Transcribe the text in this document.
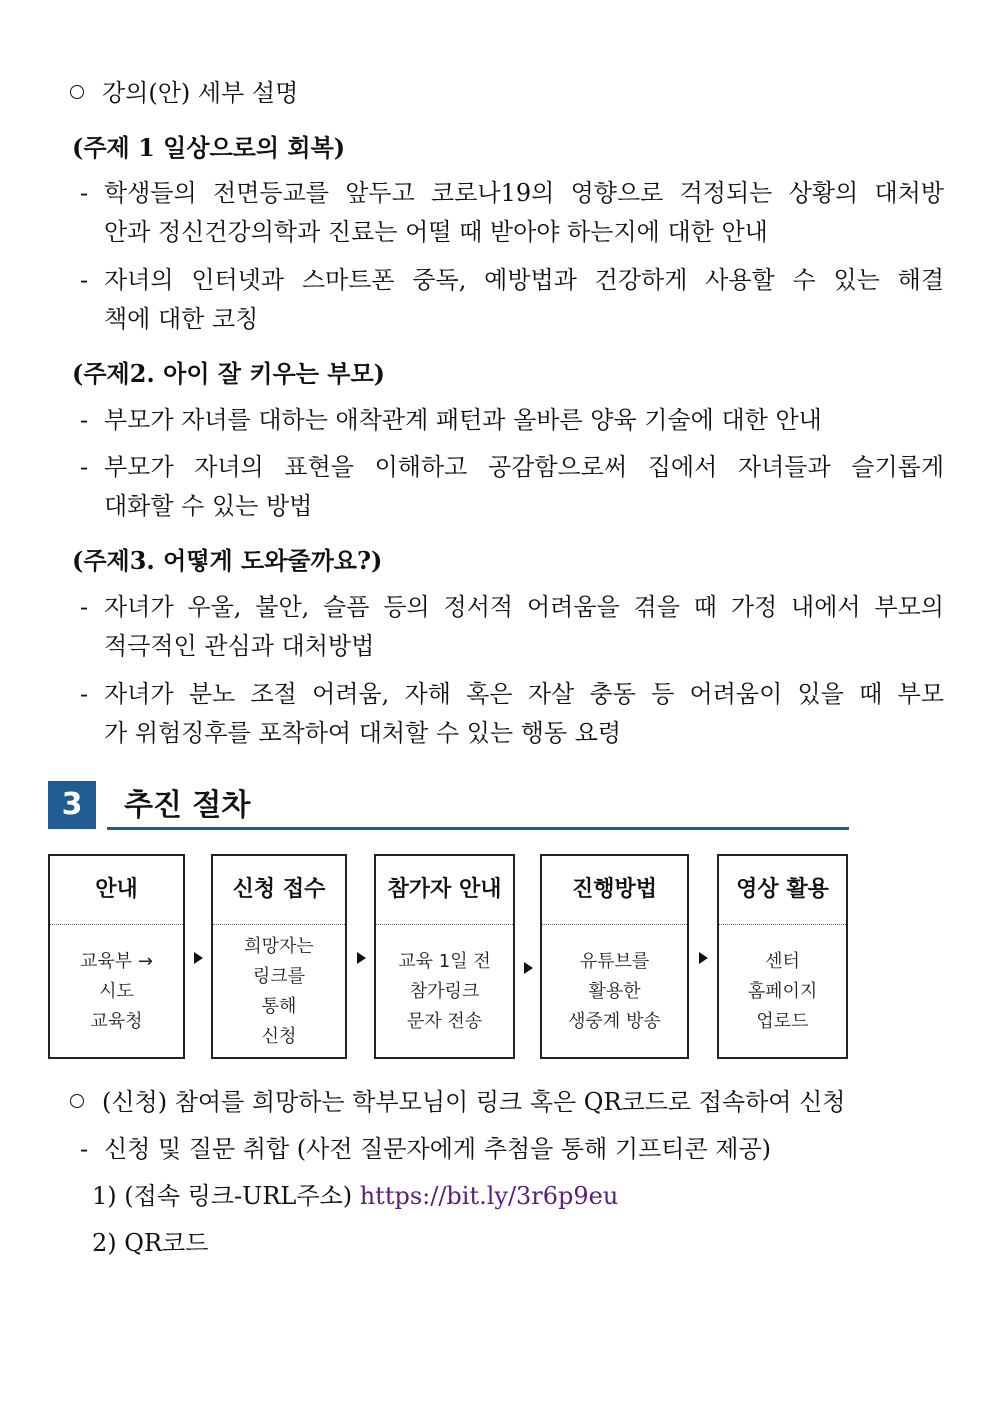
강의(안) 세부 설명
(주제 1 일상으로의 회복)
- 학생들의 전면등교를 앞두고 코로나19의 영향으로 걱정되는 상황의 대처방
안과 정신건강의학과 진료는 어떨 때 받아야 하는지에 대한 안내
- 자녀의 인터넷과 스마트폰 중독, 예방법과 건강하게 사용할 수 있는 해결
책에 대한 코칭
(주제2. 아이 잘 키우는 부모)
- 부모가 자녀를 대하는 애착관계 패턴과 올바른 양육 기술에 대한 안내
- 부모가 자녀의 표현을 이해하고 공감함으로써 집에서 자녀들과 슬기롭게
대화할 수 있는 방법
(주제3. 어떻게 도와줄까요?)
- 자녀가 우울, 불안, 슬픔 등의 정서적 어려움을 겪을 때 가정 내에서 부모의
적극적인 관심과 대처방법
- 자녀가 분노 조절 어려움, 자해 혹은 자살 충동 등 어려움이 있을 때 부모
가 위험징후를 포착하여 대처할 수 있는 행동 요령
3	추진 절차
안내
교육부 →
시도
교육청
신청 접수
희망자는
링크를
통해
신청
참가자 안내
교육 1일 전
참가링크
문자 전송
진행방법
유튜브를
활용한
생중계 방송
영상 활용
센터
홈페이지
업로드
(신청) 참여를 희망하는 학부모님이 링크 혹은 QR코드로 접속하여 신청
- 신청 및 질문 취합 (사전 질문자에게 추첨을 통해 기프티콘 제공)
1) (접속 링크-URL주소) https://bit.ly/3r6p9eu
2) QR코드
